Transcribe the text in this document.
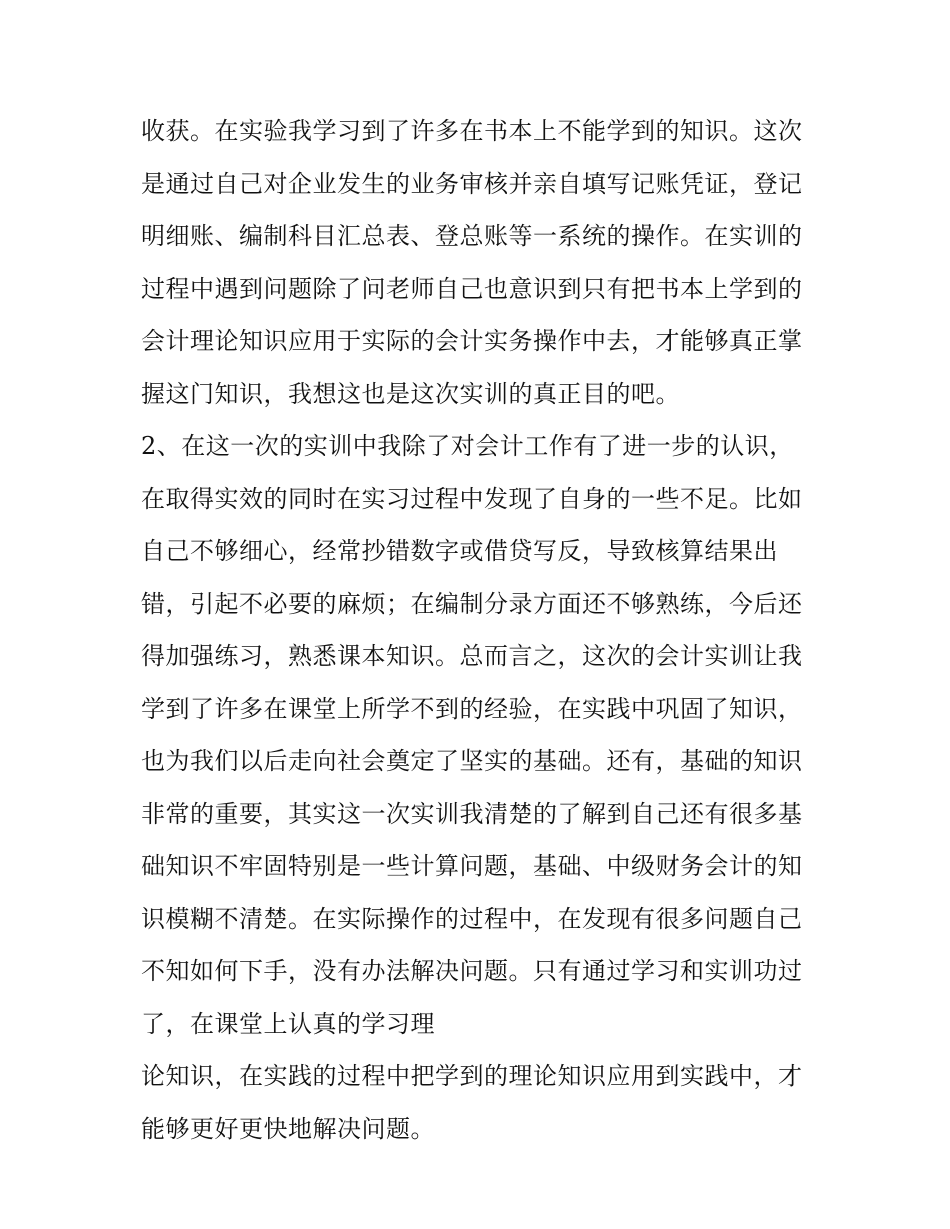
收获。在实验我学习到了许多在书本上不能学到的知识。这次
是通过自己对企业发生的业务审核并亲自填写记账凭证，登记
明细账、编制科目汇总表、登总账等一系统的操作。在实训的
过程中遇到问题除了问老师自己也意识到只有把书本上学到的
会计理论知识应用于实际的会计实务操作中去，才能够真正掌
握这门知识，我想这也是这次实训的真正目的吧。
2、在这一次的实训中我除了对会计工作有了进一步的认识，
在取得实效的同时在实习过程中发现了自身的一些不足。比如
自己不够细心，经常抄错数字或借贷写反，导致核算结果出
错，引起不必要的麻烦；在编制分录方面还不够熟练，今后还
得加强练习，熟悉课本知识。总而言之，这次的会计实训让我
学到了许多在课堂上所学不到的经验，在实践中巩固了知识，
也为我们以后走向社会奠定了坚实的基础。还有，基础的知识
非常的重要，其实这一次实训我清楚的了解到自己还有很多基
础知识不牢固特别是一些计算问题，基础、中级财务会计的知
识模糊不清楚。在实际操作的过程中，在发现有很多问题自己
不知如何下手，没有办法解决问题。只有通过学习和实训功过
了，在课堂上认真的学习理
论知识，在实践的过程中把学到的理论知识应用到实践中，才
能够更好更快地解决问题。
